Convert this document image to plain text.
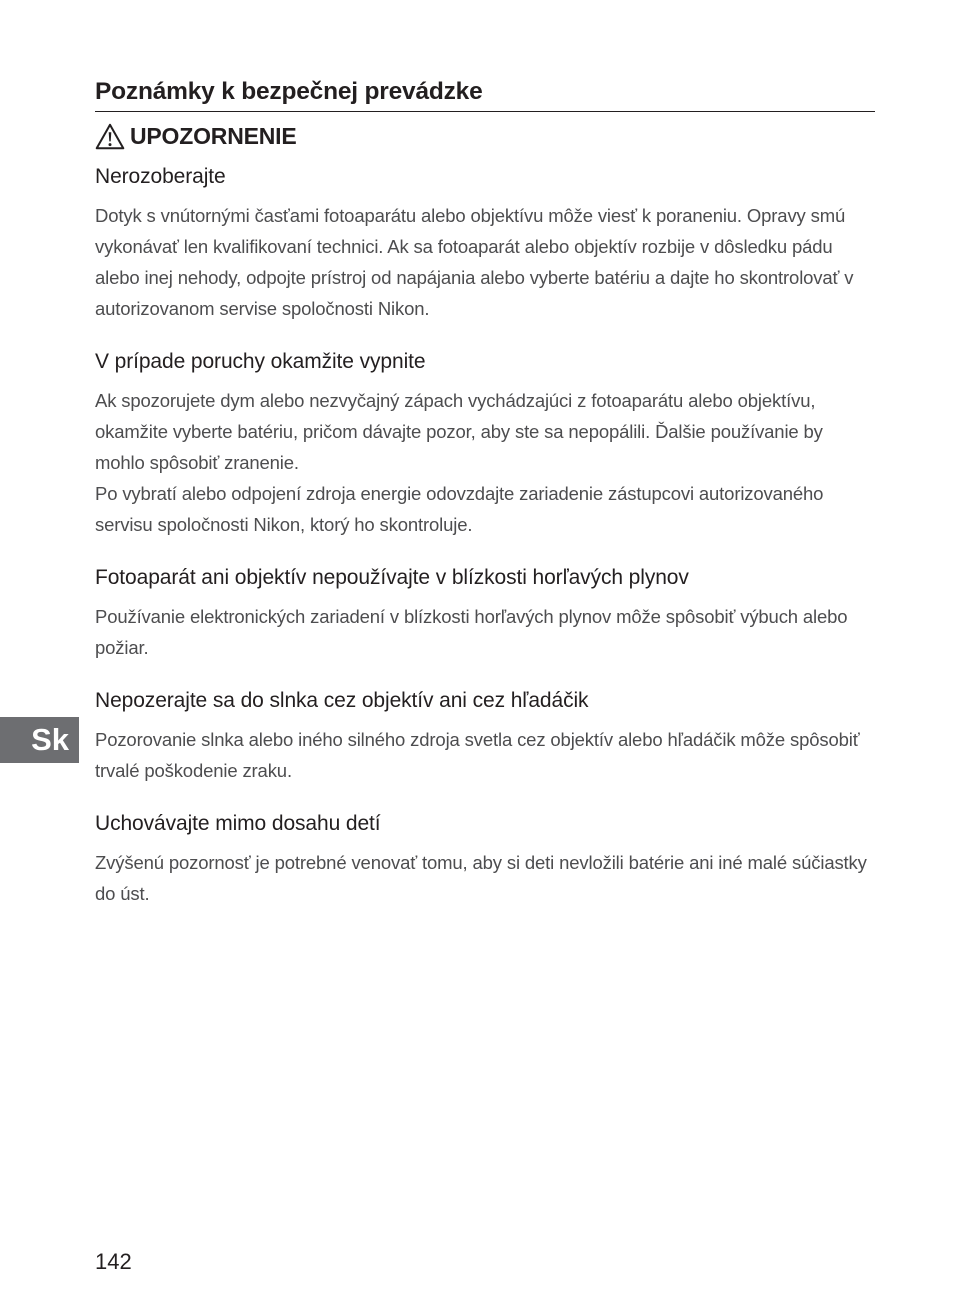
Poznámky k bezpečnej prevádzke
UPOZORNENIE
Nerozoberajte

Dotyk s vnútornými časťami fotoaparátu alebo objektívu môže viesť k poraneniu. Opravy smú vykonávať len kvalifikovaní technici. Ak sa fotoaparát alebo objektív rozbije v dôsledku pádu alebo inej nehody, odpojte prístroj od napájania alebo vyberte batériu a dajte ho skontrolovať v autorizovanom servise spoločnosti Nikon.

V prípade poruchy okamžite vypnite

Ak spozorujete dym alebo nezvyčajný zápach vychádzajúci z fotoaparátu alebo objektívu, okamžite vyberte batériu, pričom dávajte pozor, aby ste sa nepopálili. Ďalšie používanie by mohlo spôsobiť zranenie.

Po vybratí alebo odpojení zdroja energie odovzdajte zariadenie zástupcovi autorizovaného servisu spoločnosti Nikon, ktorý ho skontroluje.

Fotoaparát ani objektív nepoužívajte v blízkosti horľavých plynov

Používanie elektronických zariadení v blízkosti horľavých plynov môže spôsobiť výbuch alebo požiar.

Nepozerajte sa do slnka cez objektív ani cez hľadáčik

Pozorovanie slnka alebo iného silného zdroja svetla cez objektív alebo hľadáčik môže spôsobiť trvalé poškodenie zraku.

Uchovávajte mimo dosahu detí

Zvýšenú pozornosť je potrebné venovať tomu, aby si deti nevložili batérie ani iné malé súčiastky do úst.

Sk
142
